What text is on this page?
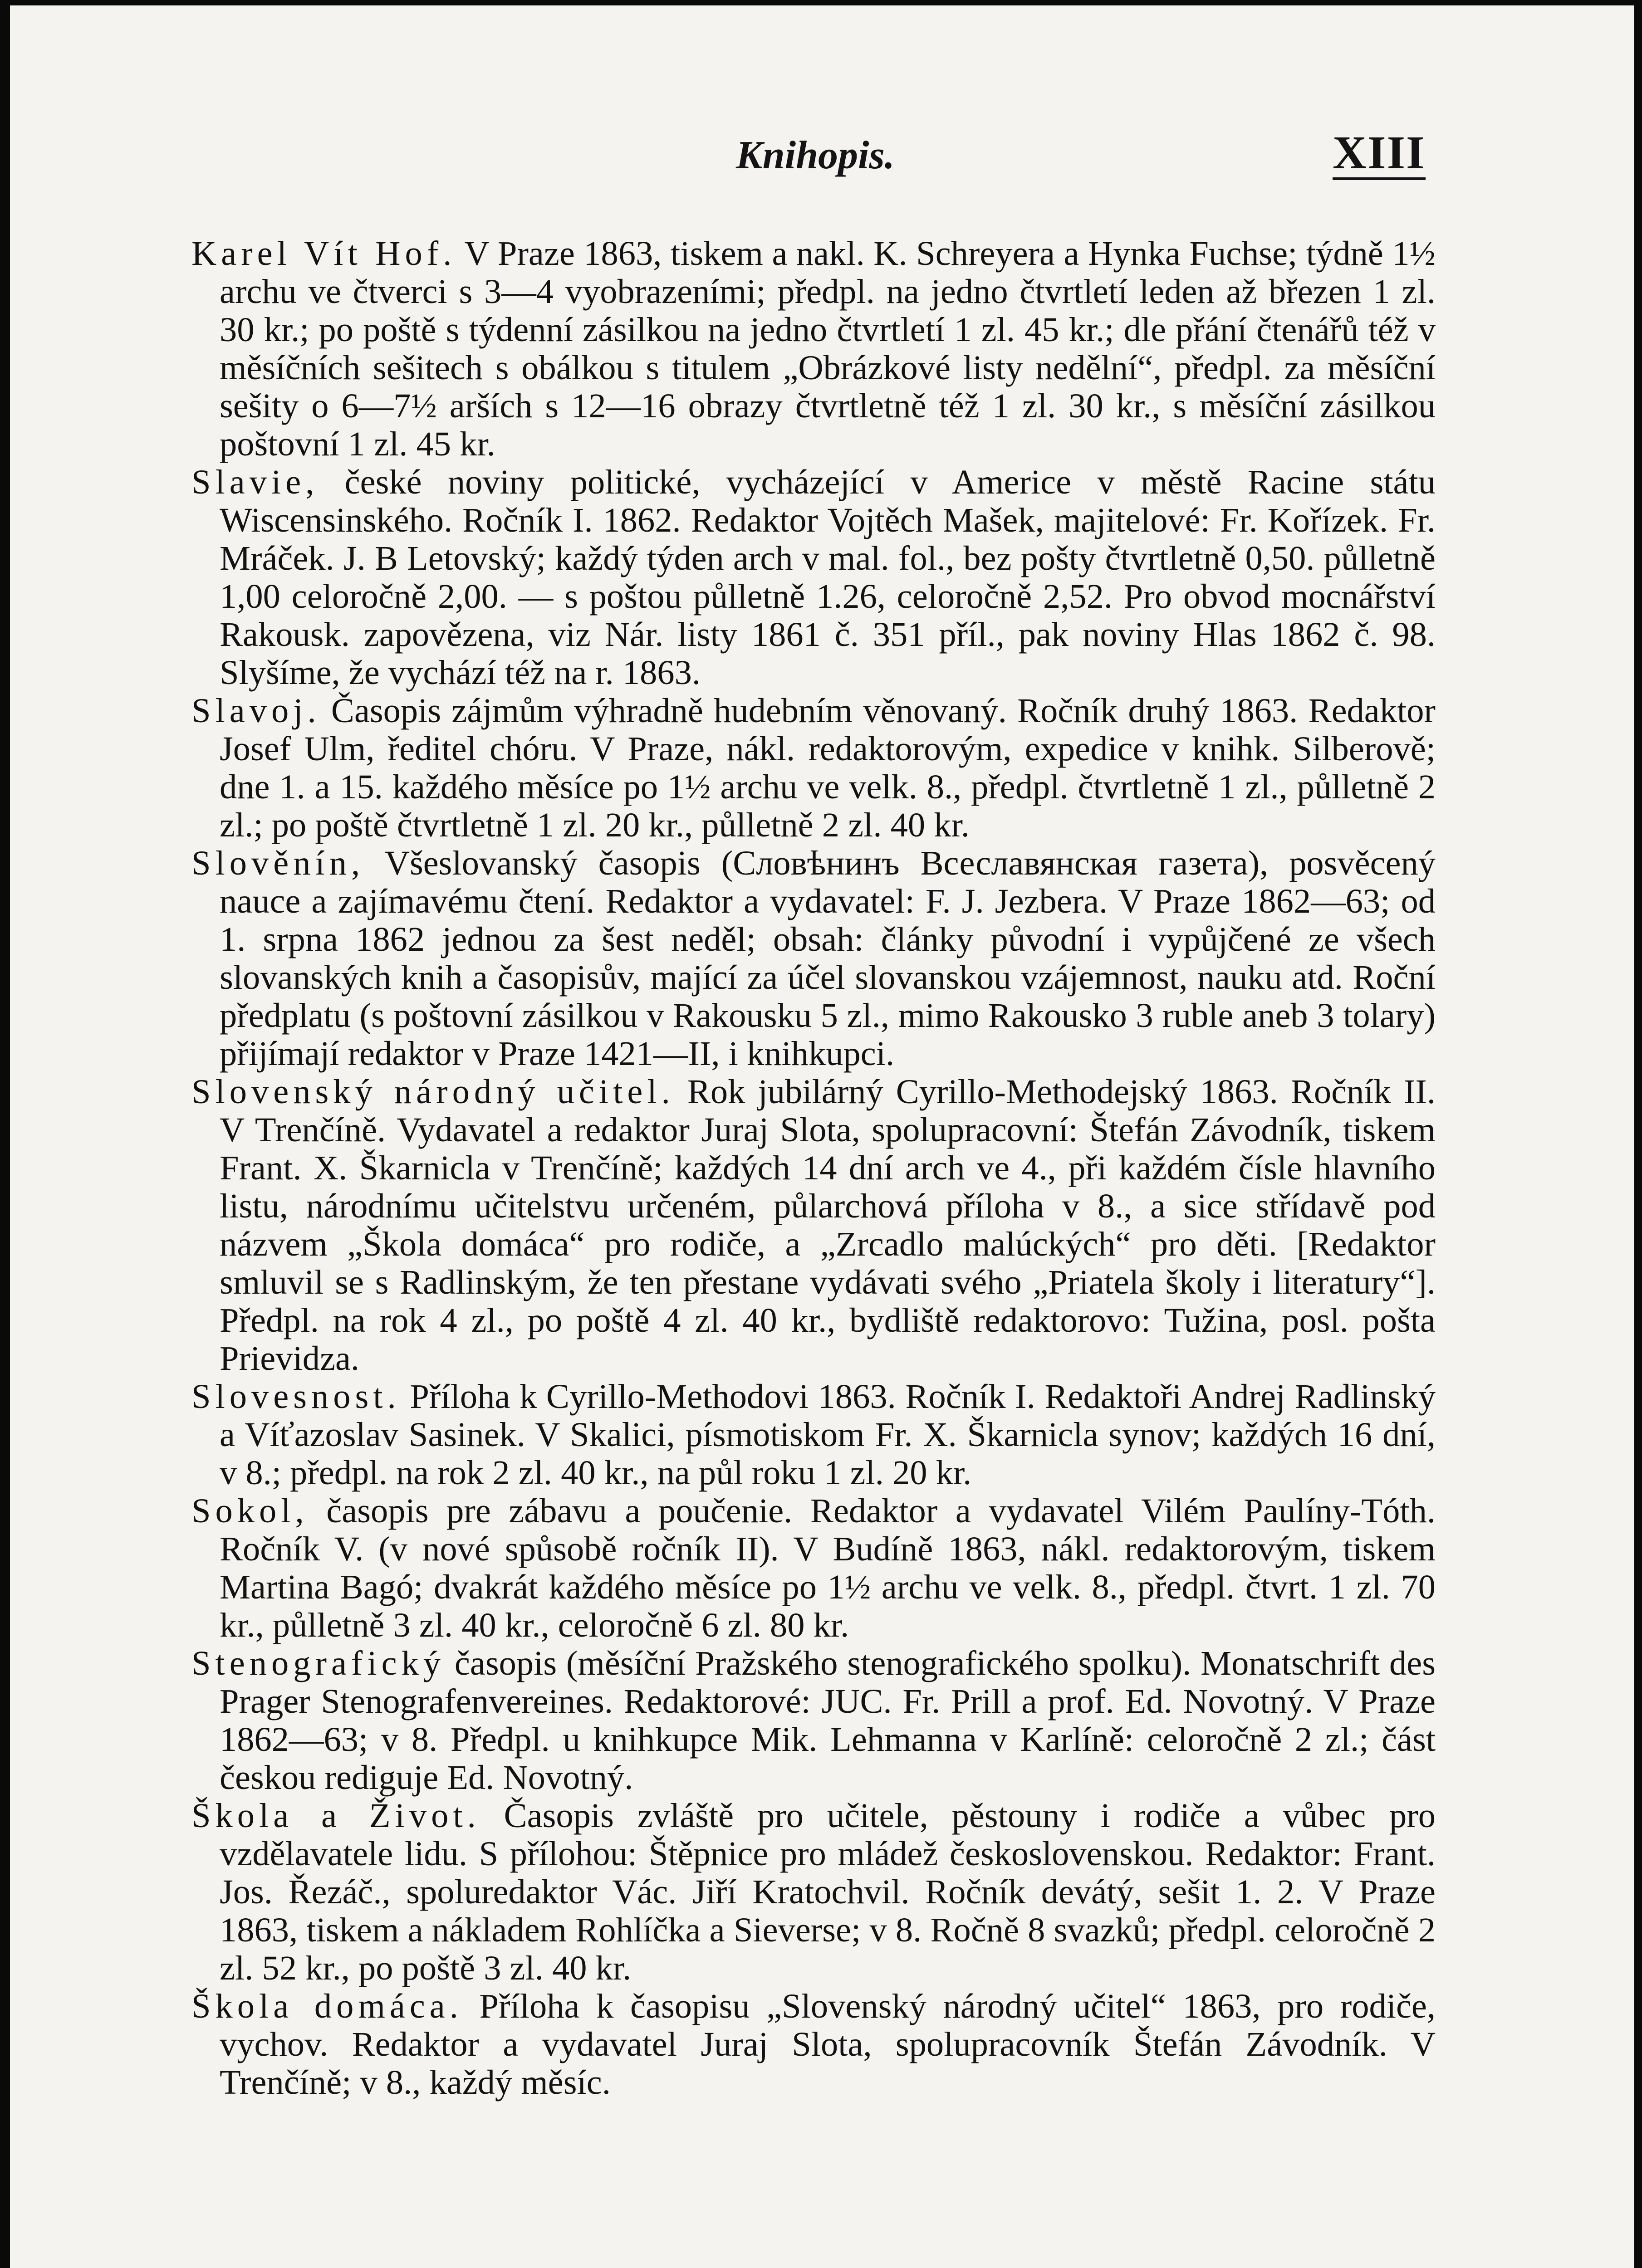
Knihopis.	XIII

Karel Vít Hof. V Praze 1863, tiskem a nakl. K. Schreyera a Hynka Fuchse; týdně 1½ archu ve čtverci s 3—4 vyobrazeními; předpl. na jedno čtvrtletí leden až březen 1 zl. 30 kr.; po poště s týdenní zásilkou na jedno čtvrtletí 1 zl. 45 kr.; dle přání čtenářů též v měsíčních sešitech s obálkou s titulem „Obrázkové listy nedělní“, předpl. za měsíční sešity o 6—7½ arších s 12—16 obrazy čtvrtletně též 1 zl. 30 kr., s měsíční zásilkou poštovní 1 zl. 45 kr.

Slavie, české noviny politické, vycházející v Americe v městě Racine státu Wiscensinského. Ročník I. 1862. Redaktor Vojtěch Mašek, majitelové: Fr. Kořízek. Fr. Mráček. J. B Letovský; každý týden arch v mal. fol., bez pošty čtvrtletně 0,50. půlletně 1,00 celoročně 2,00. — s poštou půlletně 1.26, celoročně 2,52. Pro obvod mocnářství Rakousk. zapovězena, viz Nár. listy 1861 č. 351 příl., pak noviny Hlas 1862 č. 98. Slyšíme, že vychází též na r. 1863.

Slavoj. Časopis zájmům výhradně hudebním věnovaný. Ročník druhý 1863. Redaktor Josef Ulm, ředitel chóru. V Praze, nákl. redaktorovým, expedice v knihk. Silberově; dne 1. a 15. každého měsíce po 1½ archu ve velk. 8., předpl. čtvrtletně 1 zl., půlletně 2 zl.; po poště čtvrtletně 1 zl. 20 kr., půlletně 2 zl. 40 kr.

Slověnín, Všeslovanský časopis (Словѣнинъ Всеславянская газета), posvěcený nauce a zajímavému čtení. Redaktor a vydavatel: F. J. Jezbera. V Praze 1862—63; od 1. srpna 1862 jednou za šest neděl; obsah: články původní i vypůjčené ze všech slovanských knih a časopisův, mající za účel slovanskou vzájemnost, nauku atd. Roční předplatu (s poštovní zásilkou v Rakousku 5 zl., mimo Rakousko 3 ruble aneb 3 tolary) přijímají redaktor v Praze 1421—II, i knihkupci.

Slovenský národný učitel. Rok jubilárný Cyrillo-Methodejský 1863. Ročník II. V Trenčíně. Vydavatel a redaktor Juraj Slota, spolupracovní: Štefán Závodník, tiskem Frant. X. Škarnicla v Trenčíně; každých 14 dní arch ve 4., při každém čísle hlavního listu, národnímu učitelstvu určeném, půlarchová příloha v 8., a sice střídavě pod názvem „Škola domáca“ pro rodiče, a „Zrcadlo malúckých“ pro děti. [Redaktor smluvil se s Radlinským, že ten přestane vydávati svého „Priatela školy i literatury“]. Předpl. na rok 4 zl., po poště 4 zl. 40 kr., bydliště redaktorovo: Tužina, posl. pošta Prievidza.

Slovesnost. Příloha k Cyrillo-Methodovi 1863. Ročník I. Redaktoři Andrej Radlinský a Víťazoslav Sasinek. V Skalici, písmotiskom Fr. X. Škarnicla synov; každých 16 dní, v 8.; předpl. na rok 2 zl. 40 kr., na půl roku 1 zl. 20 kr.

Sokol, časopis pre zábavu a poučenie. Redaktor a vydavatel Vilém Paulíny-Tóth. Ročník V. (v nové spůsobě ročník II). V Budíně 1863, nákl. redaktorovým, tiskem Martina Bagó; dvakrát každého měsíce po 1½ archu ve velk. 8., předpl. čtvrt. 1 zl. 70 kr., půlletně 3 zl. 40 kr., celoročně 6 zl. 80 kr.

Stenografický časopis (měsíční Pražského stenografického spolku). Monatschrift des Prager Stenografenvereines. Redaktorové: JUC. Fr. Prill a prof. Ed. Novotný. V Praze 1862—63; v 8. Předpl. u knihkupce Mik. Lehmanna v Karlíně: celoročně 2 zl.; část českou rediguje Ed. Novotný.

Škola a Život. Časopis zvláště pro učitele, pěstouny i rodiče a vůbec pro vzdělavatele lidu. S přílohou: Štěpnice pro mládež československou. Redaktor: Frant. Jos. Řezáč., spoluredaktor Vác. Jiří Kratochvil. Ročník devátý, sešit 1. 2. V Praze 1863, tiskem a nákladem Rohlíčka a Sieverse; v 8. Ročně 8 svazků; předpl. celoročně 2 zl. 52 kr., po poště 3 zl. 40 kr.

Škola domáca. Příloha k časopisu „Slovenský národný učitel“ 1863, pro rodiče, vychov. Redaktor a vydavatel Juraj Slota, spolupracovník Štefán Závodník. V Trenčíně; v 8., každý měsíc.
